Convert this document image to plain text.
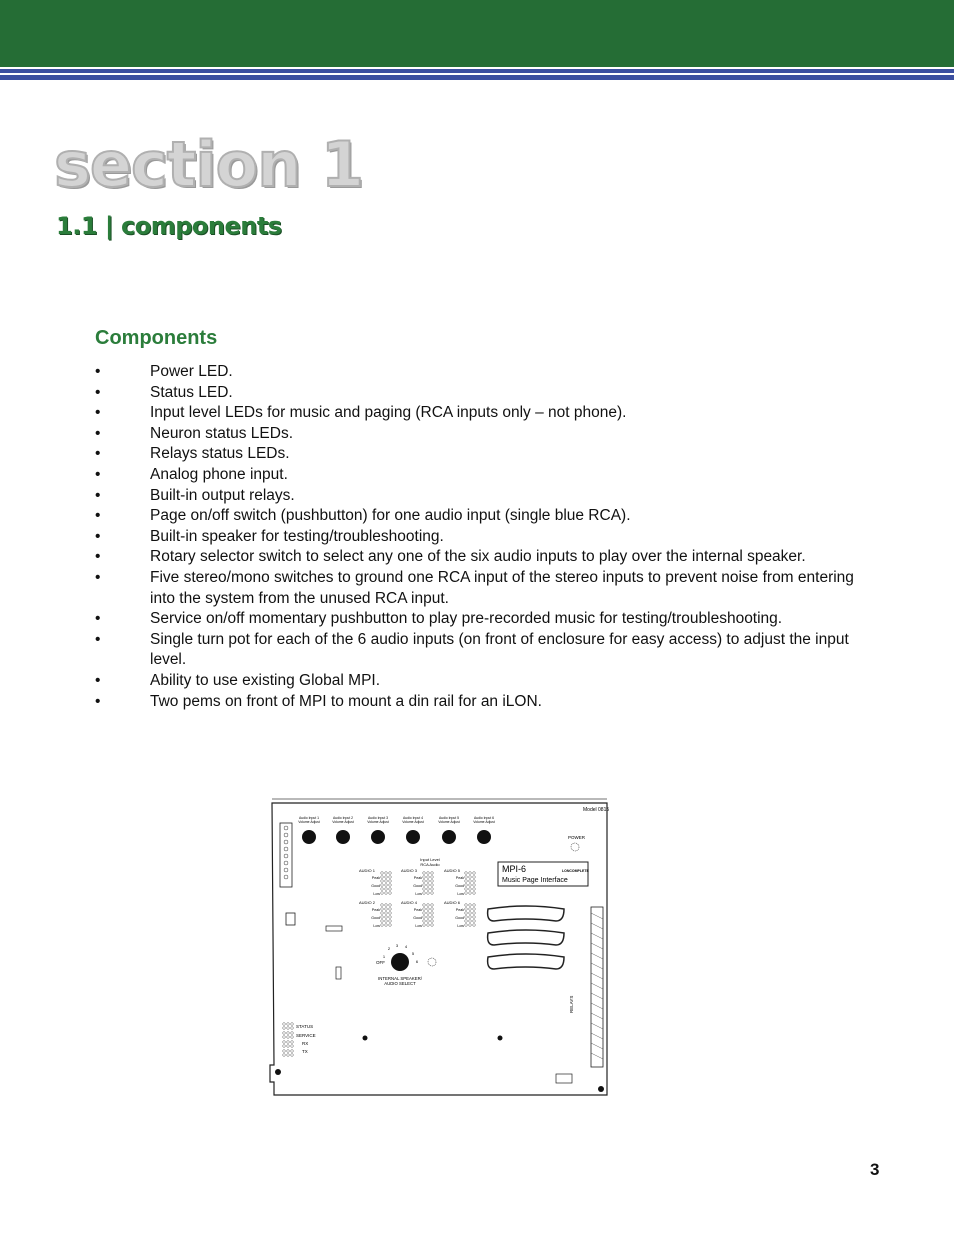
section 1
1.1 | components
Components
•	Power LED.
•	Status LED.
•	Input level LEDs for music and paging (RCA inputs only – not phone).
•	Neuron status LEDs.
•	Relays status LEDs.
•	Analog phone input.
•	Built-in output relays.
•	Page on/off switch (pushbutton) for one audio input (single blue RCA).
•	Built-in speaker for testing/troubleshooting.
•	Rotary selector switch to select any one of the six audio inputs to play over the internal speaker.
•	Five stereo/mono switches to ground one RCA input of the stereo inputs to prevent noise from entering into the system from the unused RCA input.
•	Service on/off momentary pushbutton to play pre-recorded music for testing/troubleshooting.
•	Single turn pot for each of the 6 audio inputs (on front of enclosure for easy access) to adjust the input level.
•	Ability to use existing Global MPI.
•	Two pems on front of MPI to mount a din rail for an iLON.
Model 0815
Audio Input 1	Audio Input 2	Audio Input 3	Audio Input 4	Audio Input 5	Audio Input 6
Volume Adjust	Volume Adjust	Volume Adjust	Volume Adjust	Volume Adjust	Volume Adjust
POWER
Input Level
RCA Audio
AUDIO 1
AUDIO 2
AUDIO 3
AUDIO 4
AUDIO 5
AUDIO 6
Peak
Good
Low
Peak
Good
Low
Peak
Good
Low
Peak
Good
Low
Peak
Good
Low
Peak
Good
Low
MPI-6	LONCOMPLETE
Music Page Interface
1
2
3 4
5
6
OFF
INTERNAL SPEAKER/
AUDIO SELECT
STATUS
SERVICE
RX
TX
RELAYS
3
